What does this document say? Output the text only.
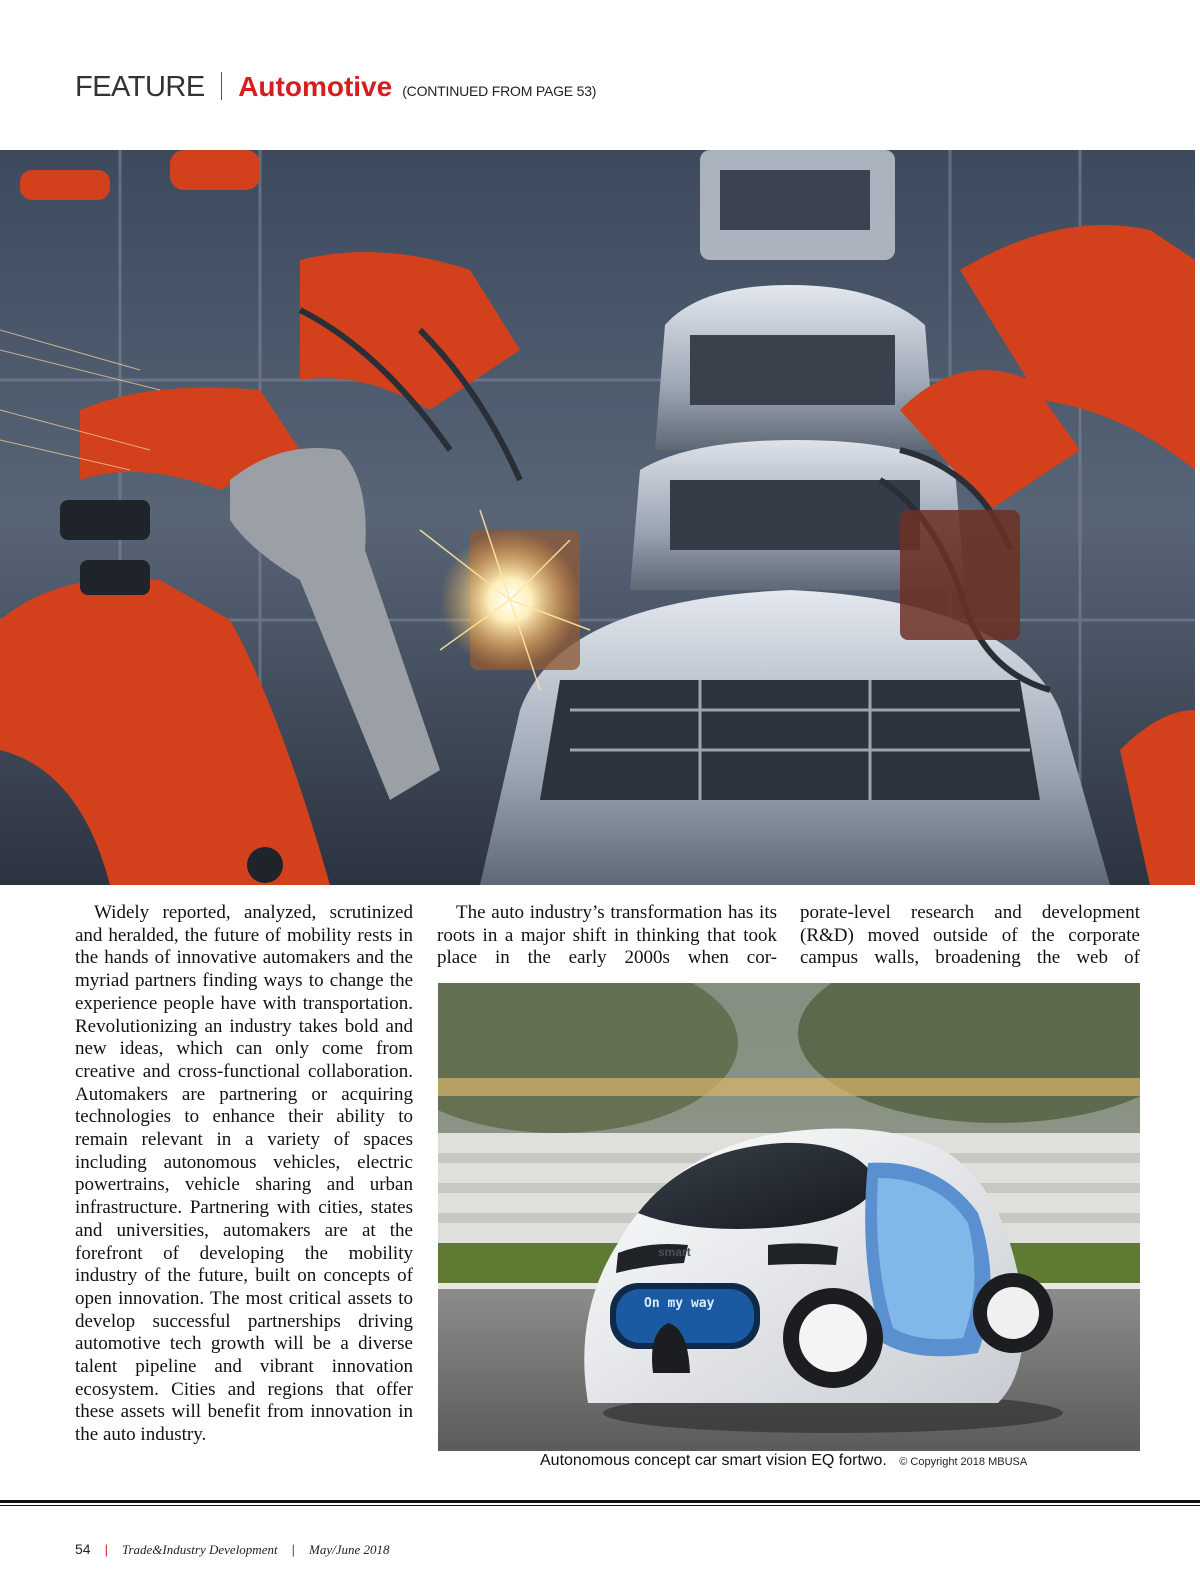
FEATURE Automotive (CONTINUED FROM PAGE 53)

Widely reported, analyzed, scrutinized and heralded, the future of mobility rests in the hands of innovative automakers and the myriad partners finding ways to change the experience people have with transportation. Revolutionizing an industry takes bold and new ideas, which can only come from creative and cross-functional collaboration. Automakers are partnering or acquiring technologies to enhance their ability to remain relevant in a variety of spaces including autonomous vehicles, electric powertrains, vehicle sharing and urban infrastructure. Partnering with cities, states and universities, automakers are at the forefront of developing the mobility industry of the future, built on concepts of open innovation. The most critical assets to develop successful partnerships driving automotive tech growth will be a diverse talent pipeline and vibrant innovation ecosystem. Cities and regions that offer these assets will benefit from innovation in the auto industry.

The auto industry’s transformation has its roots in a major shift in thinking that took place in the early 2000s when cor-

porate-level research and development (R&D) moved outside of the corporate campus walls, broadening the web of

smart
On my way
Autonomous concept car smart vision EQ fortwo. © Copyright 2018 MBUSA
54 | Trade&Industry Development | May/June 2018
